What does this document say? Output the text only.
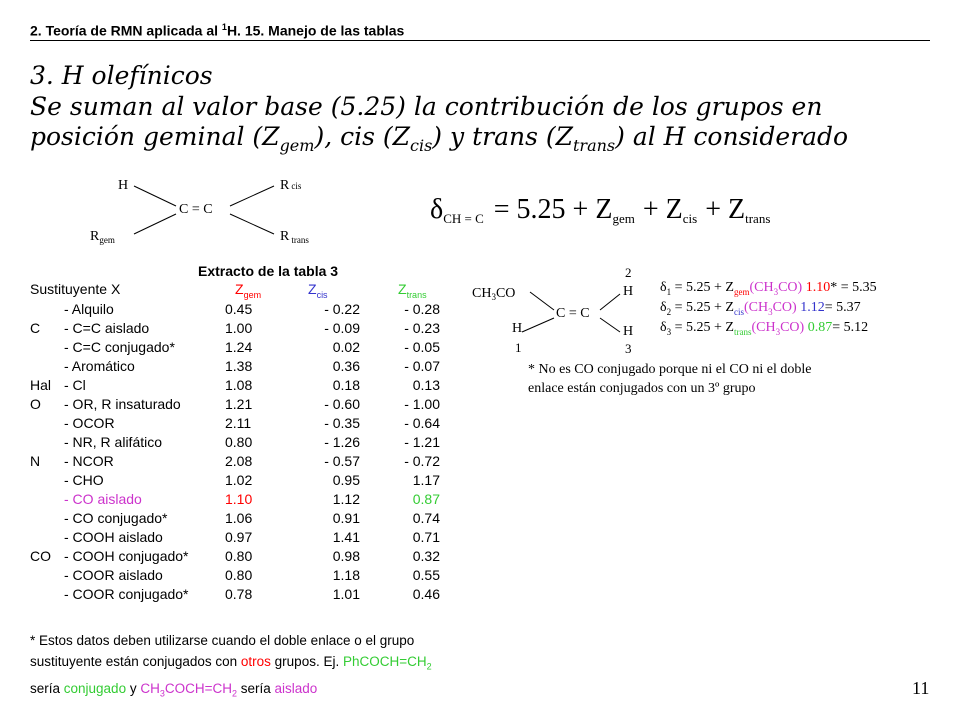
2. Teoría de RMN aplicada al $^1$H. 15. Manejo de las tablas
3. H olefínicos
Se suman al valor base (5.25) la contribución de los grupos en
posición geminal $(Z_{gem})$, cis $(Z_{cis})$ y trans $(Z_{trans})$ al H considerado
H
C = C
$R_{gem}$
Rcis
R $_{trans}$
δCH = C = 5.25 + Zgem + Zcis + Ztrans
Extracto de la tabla 3
Sustituyente X	$Z_{gem}$	$Z_{cis}$	$Z_{trans}$
- Alquilo	0.45	- 0.22	- 0.28
C - C=C aislado	1.00	- 0.09	- 0.23
- C=C conjugado*	1.24	0.02	- 0.05
- Aromático	1.38	0.36	- 0.07
Hal - Cl	1.08	0.18	0.13
O - OR, R insaturado	1.21	- 0.60	- 1.00
- OCOR	2.11	- 0.35	- 0.64
- NR, R alifático	0.80	- 1.26	- 1.21
N - NCOR	2.08	- 0.57	- 0.72
- CHO	1.02	0.95	1.17
- CO aislado	1.10	1.12	0.87
- CO conjugado*	1.06	0.91	0.74
- COOH aislado	0.97	1.41	0.71
CO - COOH conjugado*	0.80	0.98	0.32
- COOR aislado	0.80	1.18	0.55
- COOR conjugado*	0.78	1.01	0.46
$CH_3CO$
C = C
H
1
H
2
H
3
$\delta_1 = 5.25 + Z_{gem}(CH_3CO) 1.10* = 5.35$
$\delta_2 = 5.25 + Z_{cis}(CH_3CO)$ 1.12= 5.37
$\delta_3 = 5.25 + Z_{trans}(CH_3CO)$ 0.87= 5.12
* No es CO conjugado porque ni el CO ni el doble
enlace están conjugados con un 3º grupo
* Estos datos deben utilizarse cuando el doble enlace o el grupo
sustituyente están conjugados con otros grupos. Ej. $PhCOCH=CH_2$
sería conjugado y $CH_3COCH=CH_2$ sería aislado	11
